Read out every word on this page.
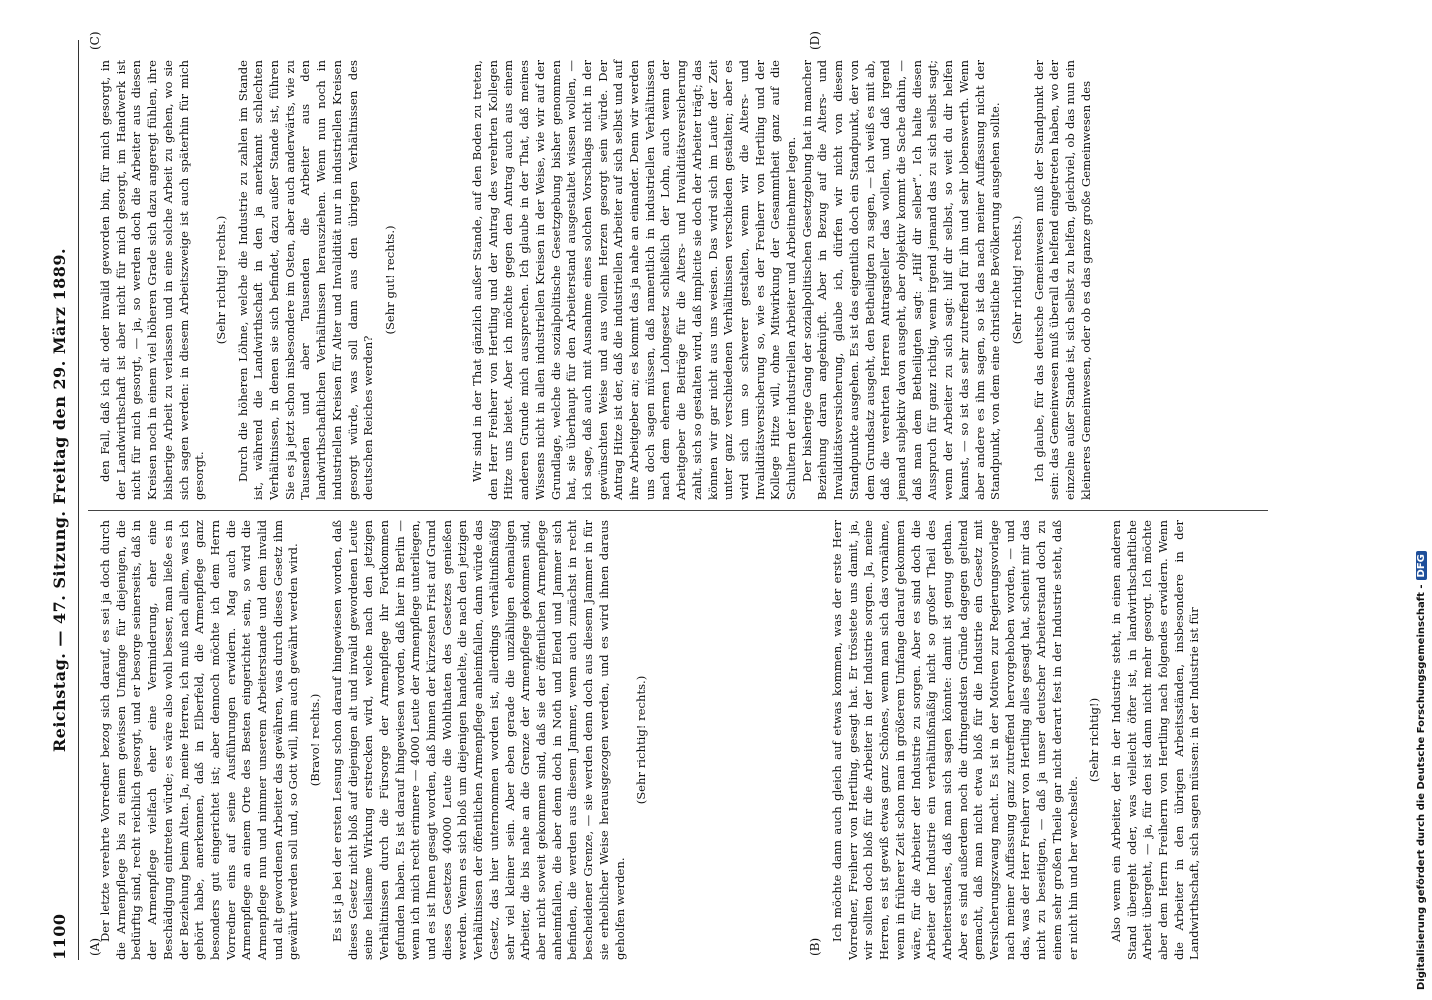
1100
Reichstag. — 47. Sitzung. Freitag den 29. März 1889.
(A)	(B)
(C)	(D)

Der letzte verehrte Vorredner bezog sich darauf, es sei ja doch durch die Armenpflege bis zu einem gewissen Umfange für diejenigen, die bedürftig sind, recht reichlich gesorgt, und er besorge seinerseits, daß in der Armenpflege vielfach eher eine Verminderung, eher eine Beschädigung eintreten würde; es wäre also wohl besser, man ließe es in der Beziehung beim Alten. Ja, meine Herren, ich muß nach allem, was ich gehört habe, anerkennen, daß in Elberfeld, die Armenpflege ganz besonders gut eingerichtet ist; aber dennoch möchte ich dem Herrn Vorredner eins auf seine Ausführungen erwidern. Mag auch die Armenpflege an einem Orte des Besten eingerichtet sein, so wird die Armenpflege nun und nimmer unserem Arbeiterstande und dem invalid und alt gewordenen Arbeiter das gewähren, was durch dieses Gesetz ihm gewährt werden soll und, so Gott will, ihm auch gewährt werden wird. (Bravo! rechts.) Es ist ja bei der ersten Lesung schon darauf hingewiesen worden, daß dieses Gesetz nicht bloß auf diejenigen alt und invalid gewordenen Leute seine heilsame Wirkung erstrecken wird, welche nach den jetzigen Verhältnissen durch die Fürsorge der Armenpflege ihr Fortkommen gefunden haben. Es ist darauf hingewiesen worden, daß hier in Berlin — wenn ich mich recht erinnere — 4000 Leute der Armenpflege unterliegen, und es ist Ihnen gesagt worden, daß binnen der kürzesten Frist auf Grund dieses Gesetzes 40000 Leute die Wohlthaten des Gesetzes genießen werden. Wenn es sich bloß um diejenigen handelte, die nach den jetzigen Verhältnissen der öffentlichen Armenpflege anheimfallen, dann würde das Gesetz, das hier unternommen worden ist, allerdings verhältnißmäßig sehr viel kleiner sein. Aber eben gerade die unzähligen ehemaligen Arbeiter, die bis nahe an die Grenze der Armenpflege gekommen sind, aber nicht soweit gekommen sind, daß sie der öffentlichen Armenpflege anheimfallen, die aber denn doch in Noth und Elend und Jammer sich befinden, die werden aus diesem Jammer, wenn auch zunächst in recht bescheidener Grenze, — sie werden denn doch aus diesem Jammer in für sie erheblicher Weise herausgezogen werden, und es wird ihnen daraus geholfen werden.

(Sehr richtig! rechts.)	Ich möchte dann auch gleich auf etwas kommen, was der erste Herr Vorredner, Freiherr von Hertling, gesagt hat. Er trösstete uns damit, ja, wir sollten doch bloß für die Arbeiter in der Industrie sorgen. Ja, meine Herren, es ist gewiß etwas ganz Schönes, wenn man sich das vornähme, wenn in früherer Zeit schon man in größerem Umfange darauf gekommen wäre, für die Arbeiter der Industrie zu sorgen. Aber es sind doch die Arbeiter der Industrie ein verhältnißmäßig nicht so großer Theil des Arbeiterstandes, daß man sich sagen könnte: damit ist genug gethan. Aber es sind außerdem noch die dringendsten Gründe dagegen geltend gemacht, daß man nicht etwa bloß für die Industrie ein Gesetz mit Versicherungszwang macht. Es ist in der Motiven zur Regierungsvorlage nach meiner Auffassung ganz zutreffend hervorgehoben worden, — und das, was der Herr Freiherr von Hertling alles gesagt hat, scheint mir das nicht zu beseitigen, — daß ja unser deutscher Arbeiterstand doch zu einem sehr großen Theile gar nicht derart fest in der Industrie steht, daß er nicht hin und her wechselte.

(Sehr richtig!) Also wenn ein Arbeiter, der in der Industrie steht, in einen anderen Stand übergeht oder, was vielleicht öfter ist, in landwirthschaftliche Arbeit übergeht, — ja, für den ist dann nicht mehr gesorgt. Ich möchte aber dem Herrn Freiherrn von Hertling nach folgendes erwidern. Wenn die Arbeiter in den übrigen Arbeitsständen, insbesondere in der Landwirthschaft, sich sagen müssen: in der Industrie ist für

den Fall, daß ich alt oder invalid geworden bin, für mich gesorgt, in der Landwirthschaft ist aber nicht für mich gesorgt, im Handwerk ist nicht für mich gesorgt, — ja, so werden doch die Arbeiter aus diesen Kreisen noch in einem viel höheren Grade sich dazu angeregt fühlen, ihre bisherige Arbeit zu verlassen und in eine solche Arbeit zu gehen, wo sie sich sagen werden: in diesem Arbeitszweige ist auch späterhin für mich gesorgt.

(Sehr richtig! rechts.) Durch die höheren Löhne, welche die Industrie zu zahlen im Stande ist, während die Landwirthschaft in den ja anerkannt schlechten Verhältnissen, in denen sie sich befindet, dazu außer Stande ist, führen Sie es ja jetzt schon insbesondere im Osten, aber auch anderwärts, wie zu Tausenden und aber Tausenden die Arbeiter aus den landwirthschaftlichen Verhältnissen herausziehen. Wenn nun noch in industriellen Kreisen für Alter und Invalidität nur in industriellen Kreisen gesorgt würde, was soll dann aus den übrigen Verhältnissen des deutschen Reiches werden?

(Sehr gut! rechts.)	Wir sind in der That gänzlich außer Stande, auf den Boden zu treten, den Herr Freiherr von Hertling und der Antrag des verehrten Kollegen Hitze uns bietet. Aber ich möchte gegen den Antrag auch aus einem anderen Grunde mich aussprechen. Ich glaube in der That, daß meines Wissens nicht in allen industriellen Kreisen in der Weise, wie wir auf der Grundlage, welche die sozialpolitische Gesetzgebung bisher genommen hat, sie überhaupt für den Arbeiterstand ausgestaltet wissen wollen, — ich sage, daß auch mit Ausnahme eines solchen Vorschlags nicht in der gewünschten Weise und aus vollem Herzen gesorgt sein würde. Der Antrag Hitze ist der, daß die industriellen Arbeiter auf sich selbst und auf ihre Arbeitgeber an; es kommt das ja nahe an einander. Denn wir werden uns doch sagen müssen, daß namentlich in industriellen Verhältnissen nach dem ehernen Lohngesetz schließlich der Lohn, auch wenn der Arbeitgeber die Beiträge für die Alters- und Invaliditätsversicherung zahlt, sich so gestalten wird, daß implicite sie doch der Arbeiter trägt; das können wir gar nicht aus uns weisen. Das wird sich im Laufe der Zeit unter ganz verschiedenen Verhältnissen verschieden gestalten; aber es wird sich um so schwerer gestalten, wenn wir die Alters- und Invaliditätsversicherung so, wie es der Freiherr von Hertling und der Kollege Hitze will, ohne Mitwirkung der Gesammtheit ganz auf die Schultern der industriellen Arbeiter und Arbeitnehmer legen. Der bisherige Gang der sozialpolitischen Gesetzgebung hat in mancher Beziehung daran angeknüpft. Aber in Bezug auf die Alters- und Invaliditätsversicherung, glaube ich, dürfen wir nicht von diesem Standpunkte ausgehen. Es ist das eigentlich doch ein Standpunkt, der von dem Grundsatz ausgeht, den Betheiligten zu sagen, — ich weiß es mit ab, daß die verehrten Herren Antragsteller das wollen, und daß irgend jemand subjektiv davon ausgeht, aber objektiv kommt die Sache dahin, — daß man dem Betheiligten sagt: „Hilf dir selber“. Ich halte diesen Ausspruch für ganz richtig, wenn irgend jemand das zu sich selbst sagt; wenn der Arbeiter zu sich sagt: hilf dir selbst, so weit du dir helfen kannst, — so ist das sehr zutreffend für ihn und sehr lobenswerth. Wenn aber andere es ihm sagen, so ist das nach meiner Auffassung nicht der Standpunkt, von dem eine christliche Bevölkerung ausgehen sollte. (Sehr richtig! rechts.) Ich glaube, für das deutsche Gemeinwesen muß der Standpunkt der sein: das Gemeinwesen muß überall da helfend eingetreten haben, wo der einzelne außer Stande ist, sich selbst zu helfen, gleichviel, ob das nun ein kleineres Gemeinwesen, oder ob es das ganze große Gemeinwesen des

Digitalisierung gefördert durch die Deutsche Forschungsgemeinschaft -DFG
